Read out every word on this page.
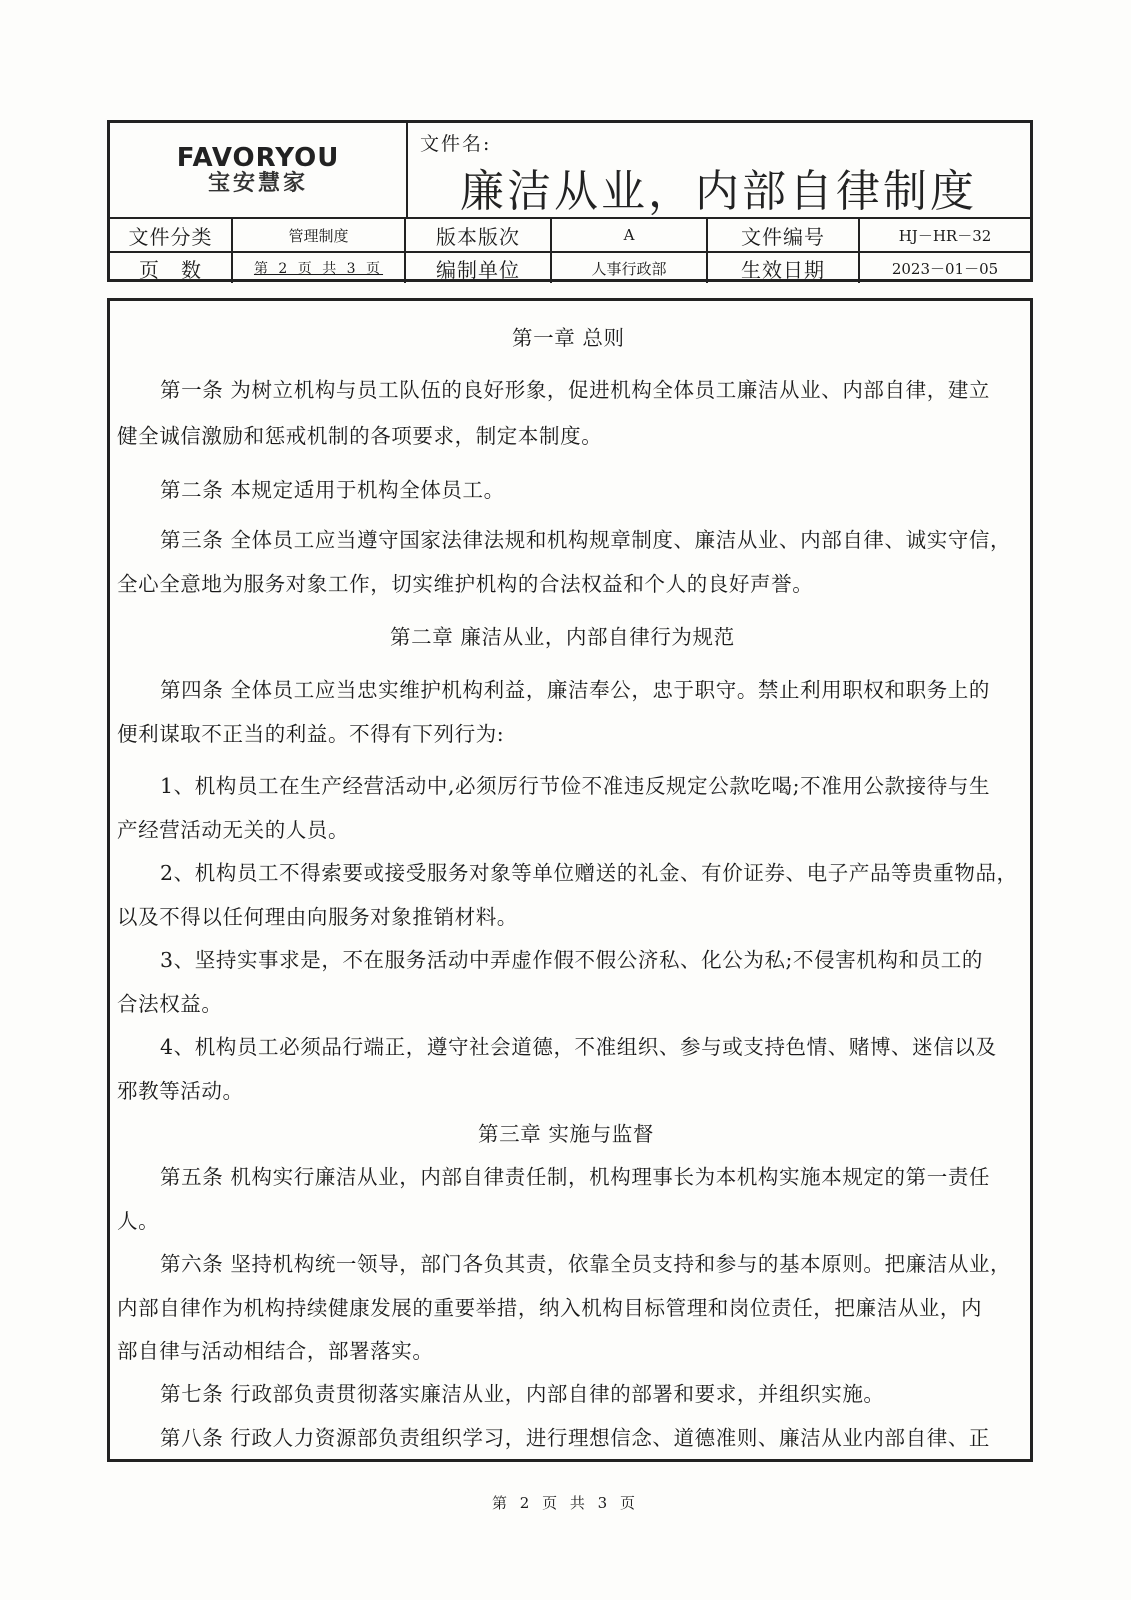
FAVORYOU
宝安慧家
文件名:
廉洁从业，内部自律制度
文件分类	管理制度	版本版次	A	文件编号	HJ－HR－32
页　数	第 2 页 共 3 页	编制单位	人事行政部	生效日期	2023－01－05
第一章 总则
第一条 为树立机构与员工队伍的良好形象，促进机构全体员工廉洁从业、内部自律，建立
健全诚信激励和惩戒机制的各项要求，制定本制度。
第二条 本规定适用于机构全体员工。
第三条 全体员工应当遵守国家法律法规和机构规章制度、廉洁从业、内部自律、诚实守信，
全心全意地为服务对象工作，切实维护机构的合法权益和个人的良好声誉。
第二章 廉洁从业，内部自律行为规范
第四条 全体员工应当忠实维护机构利益，廉洁奉公，忠于职守。禁止利用职权和职务上的
便利谋取不正当的利益。不得有下列行为:
1、机构员工在生产经营活动中,必须厉行节俭不准违反规定公款吃喝;不准用公款接待与生
产经营活动无关的人员。
2、机构员工不得索要或接受服务对象等单位赠送的礼金、有价证券、电子产品等贵重物品，
以及不得以任何理由向服务对象推销材料。
3、坚持实事求是，不在服务活动中弄虚作假不假公济私、化公为私;不侵害机构和员工的
合法权益。
4、机构员工必须品行端正，遵守社会道德，不准组织、参与或支持色情、赌博、迷信以及
邪教等活动。
第三章 实施与监督
第五条 机构实行廉洁从业，内部自律责任制，机构理事长为本机构实施本规定的第一责任
人。
第六条 坚持机构统一领导，部门各负其责，依靠全员支持和参与的基本原则。把廉洁从业，
内部自律作为机构持续健康发展的重要举措，纳入机构目标管理和岗位责任，把廉洁从业，内
部自律与活动相结合，部署落实。
第七条 行政部负责贯彻落实廉洁从业，内部自律的部署和要求，并组织实施。
第八条 行政人力资源部负责组织学习，进行理想信念、道德准则、廉洁从业内部自律、正
第 2 页 共 3 页
